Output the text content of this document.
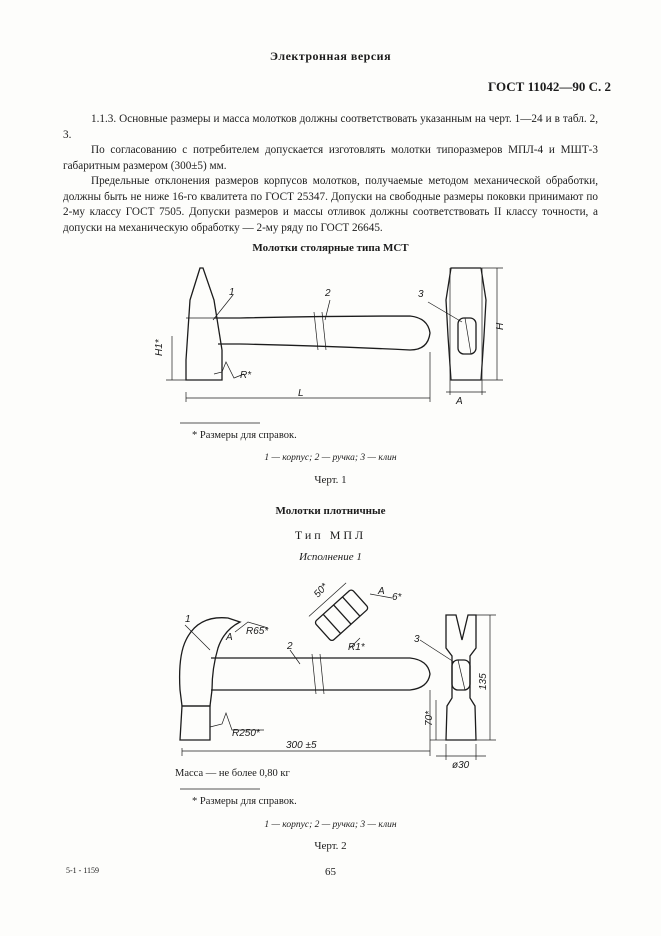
Электронная версия
ГОСТ 11042—90 С. 2
1.1.3. Основные размеры и масса молотков должны соответствовать указанным на черт. 1—24 и в табл. 2, 3.
По согласованию с потребителем допускается изготовлять молотки типоразмеров МПЛ-4 и МШТ-3 габаритным размером (300±5) мм.
Предельные отклонения размеров корпусов молотков, получаемые методом механической обработки, должны быть не ниже 16-го квалитета по ГОСТ 25347. Допуски на свободные размеры поковки принимают по 2-му классу ГОСТ 7505. Допуски размеров и массы отливок должны соответствовать II классу точности, а допуски на механическую обработку — 2-му ряду по ГОСТ 26645.
Молотки столярные типа МСТ
1	2	3
H1*
R*
L
A
H
1
R65*
A
2
R250*
300 ±5
R1*
50*	A
6*
3
70*
135
ø30
* Размеры для справок.
1 — корпус; 2 — ручка; 3 — клин
Черт. 1
Молотки плотничные
Тип МПЛ
Исполнение 1
Масса — не более 0,80 кг
* Размеры для справок.
1 — корпус; 2 — ручка; 3 — клин
Черт. 2
5-1 - 1159	65
